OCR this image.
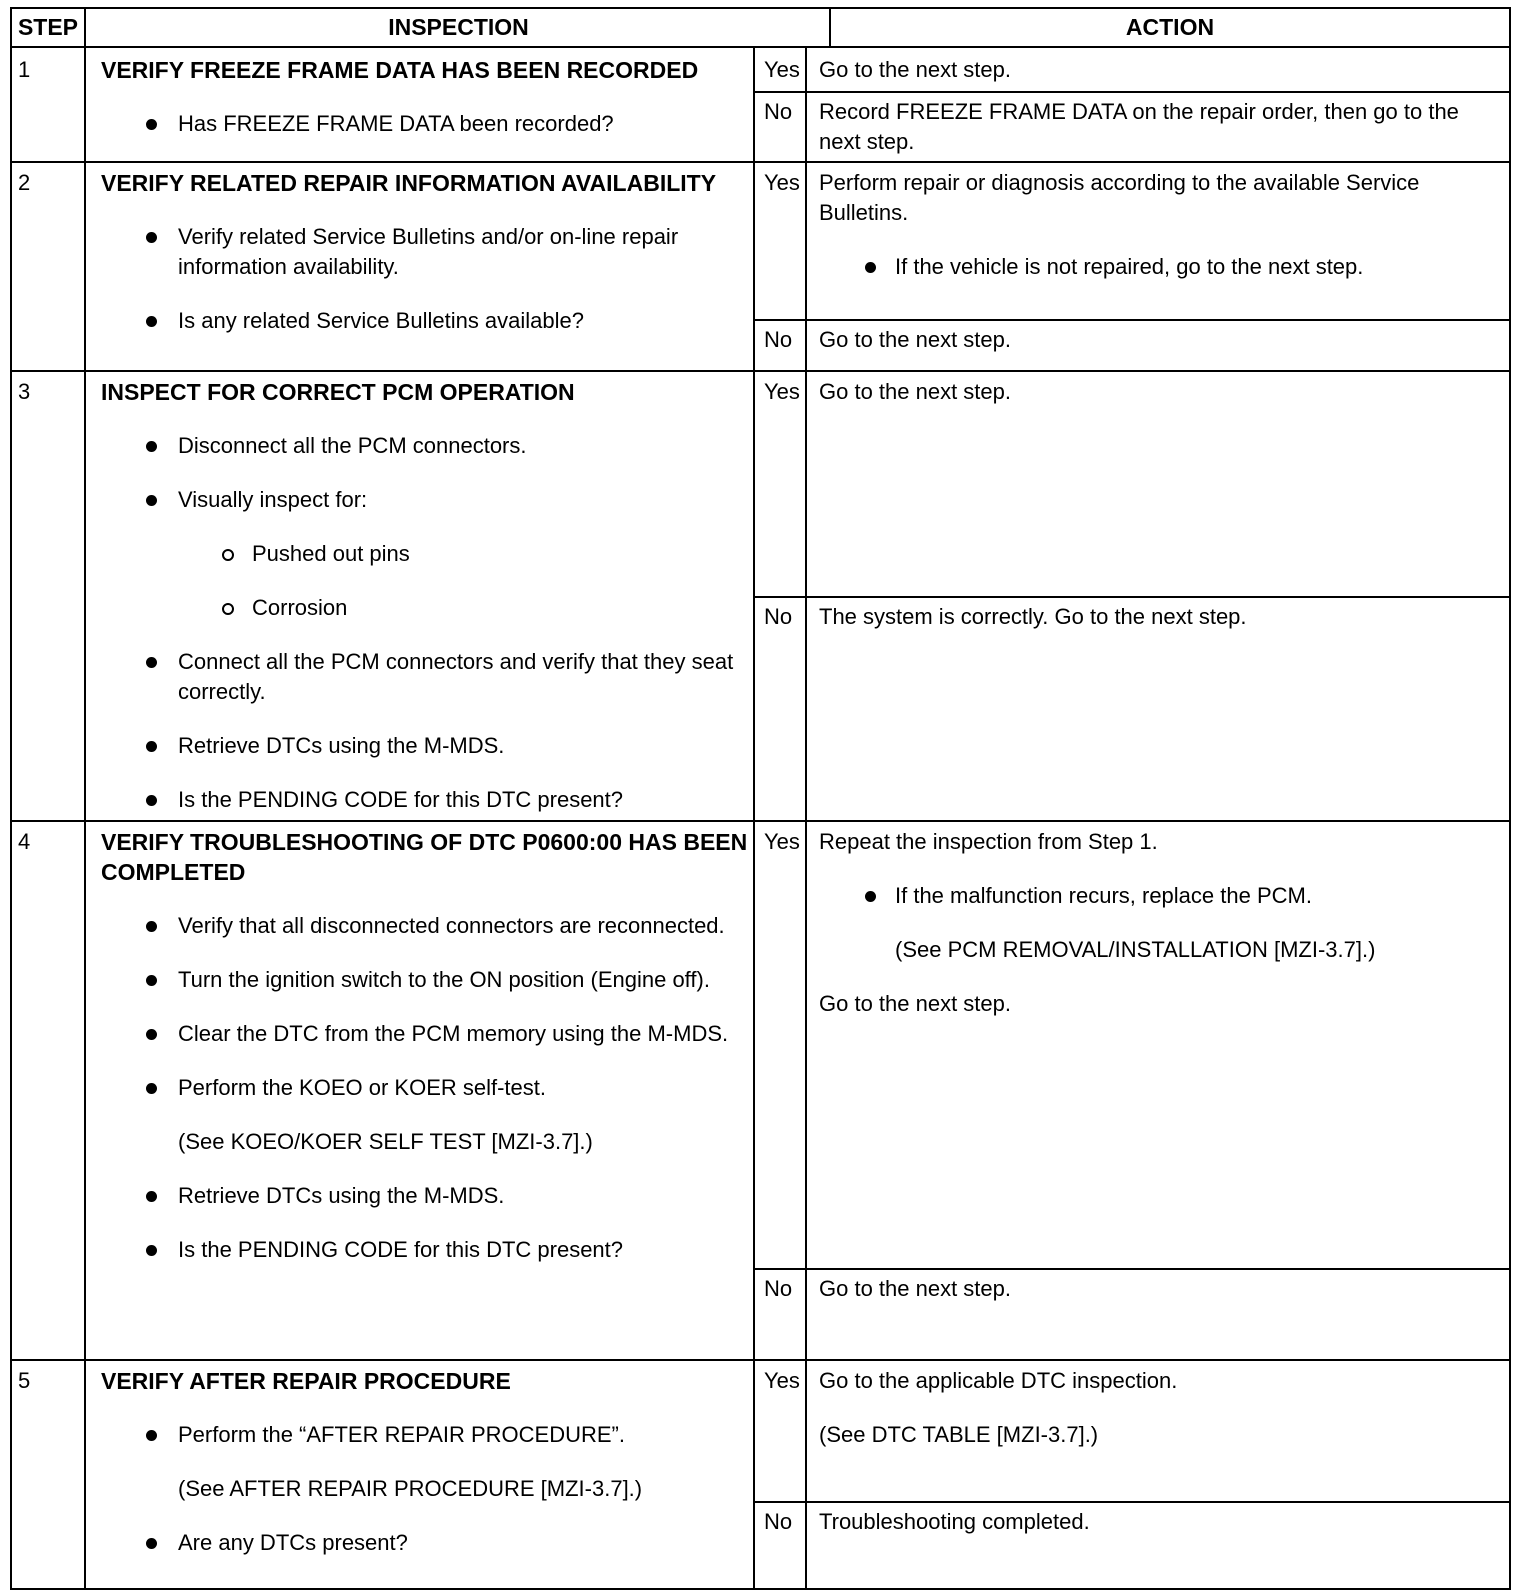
STEP	INSPECTION	ACTION
1	VERIFY FREEZE FRAME DATA HAS BEEN RECORDED
Has FREEZE FRAME DATA been recorded?
Yes Go to the next step.
No	Record FREEZE FRAME DATA on the repair order, then go to the next step.
2	VERIFY RELATED REPAIR INFORMATION AVAILABILITY
Verify related Service Bulletins and/or on-line repair information availability.
Is any related Service Bulletins available?
Yes Perform repair or diagnosis according to the available Service Bulletins.
If the vehicle is not repaired, go to the next step.
No	Go to the next step.
3	INSPECT FOR CORRECT PCM OPERATION
Disconnect all the PCM connectors.
Visually inspect for:
Pushed out pins
Corrosion
Connect all the PCM connectors and verify that they seat correctly.
Retrieve DTCs using the M-MDS.
Is the PENDING CODE for this DTC present?
Yes Go to the next step.
No	The system is correctly. Go to the next step.
4	VERIFY TROUBLESHOOTING OF DTC P0600:00 HAS BEEN COMPLETED
Verify that all disconnected connectors are reconnected.
Turn the ignition switch to the ON position (Engine off).
Clear the DTC from the PCM memory using the M-MDS.
Perform the KOEO or KOER self-test.
(See KOEO/KOER SELF TEST [MZI-3.7].)
Retrieve DTCs using the M-MDS.
Is the PENDING CODE for this DTC present?
Yes Repeat the inspection from Step 1.
If the malfunction recurs, replace the PCM.
(See PCM REMOVAL/INSTALLATION [MZI-3.7].)
Go to the next step.
No	Go to the next step.
5	VERIFY AFTER REPAIR PROCEDURE
Perform the “AFTER REPAIR PROCEDURE”.
(See AFTER REPAIR PROCEDURE [MZI-3.7].)
Are any DTCs present?
Yes Go to the applicable DTC inspection.
(See DTC TABLE [MZI-3.7].)
No	Troubleshooting completed.
